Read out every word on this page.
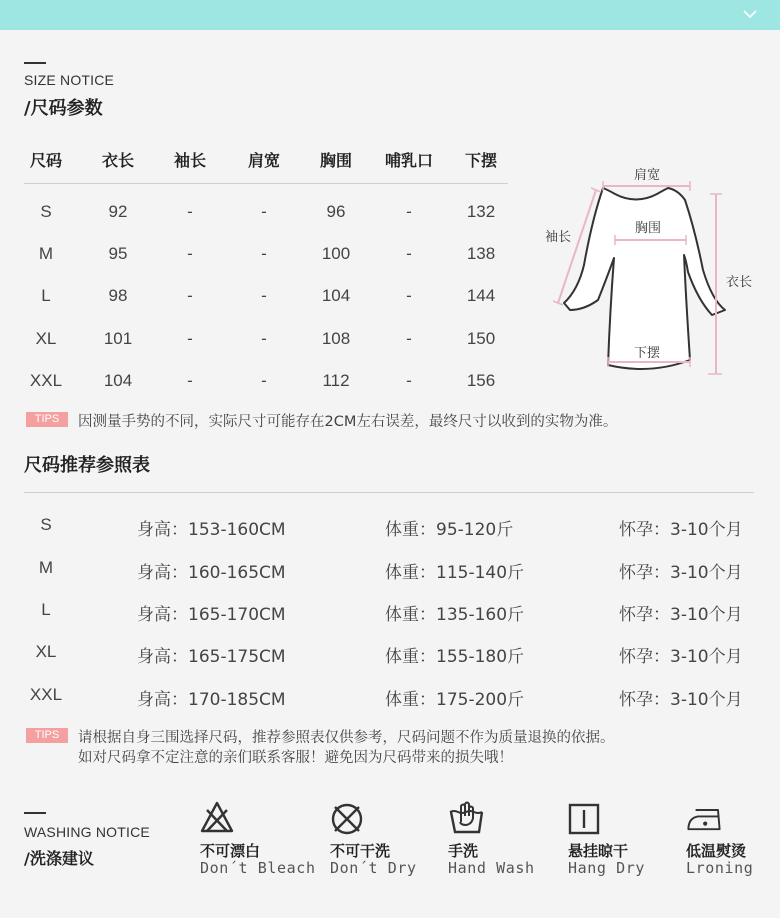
SIZE NOTICE
/尺码参数
尺码	衣长	袖长	肩宽	胸围	哺乳口	下摆
S	92	-	-	96	-	132
M	95	-	-	100	-	138
L	98	-	-	104	-	144
XL	101	-	-	108	-	150
XXL	104	-	-	112	-	156
肩宽
胸围
袖长
衣长
下摆
TIPS	因测量手势的不同，实际尺寸可能存在2CM左右误差，最终尺寸以收到的实物为准。
尺码推荐参照表
S	身高：153-160CM	体重：95-120斤	怀孕：3-10个月
M	身高：160-165CM	体重：115-140斤	怀孕：3-10个月
L	身高：165-170CM	体重：135-160斤	怀孕：3-10个月
XL	身高：165-175CM	体重：155-180斤	怀孕：3-10个月
XXL	身高：170-185CM	体重：175-200斤	怀孕：3-10个月
TIPS	请根据自身三围选择尺码，推荐参照表仅供参考，尺码问题不作为质量退换的依据。
如对尺码拿不定注意的亲们联系客服！避免因为尺码带来的损失哦！
WASHING NOTICE
/洗涤建议	不可漂白
Don´t Bleach
不可干洗
Don´t Dry
手洗
Hand Wash
悬挂晾干
Hang Dry
低温熨烫
Lroning
